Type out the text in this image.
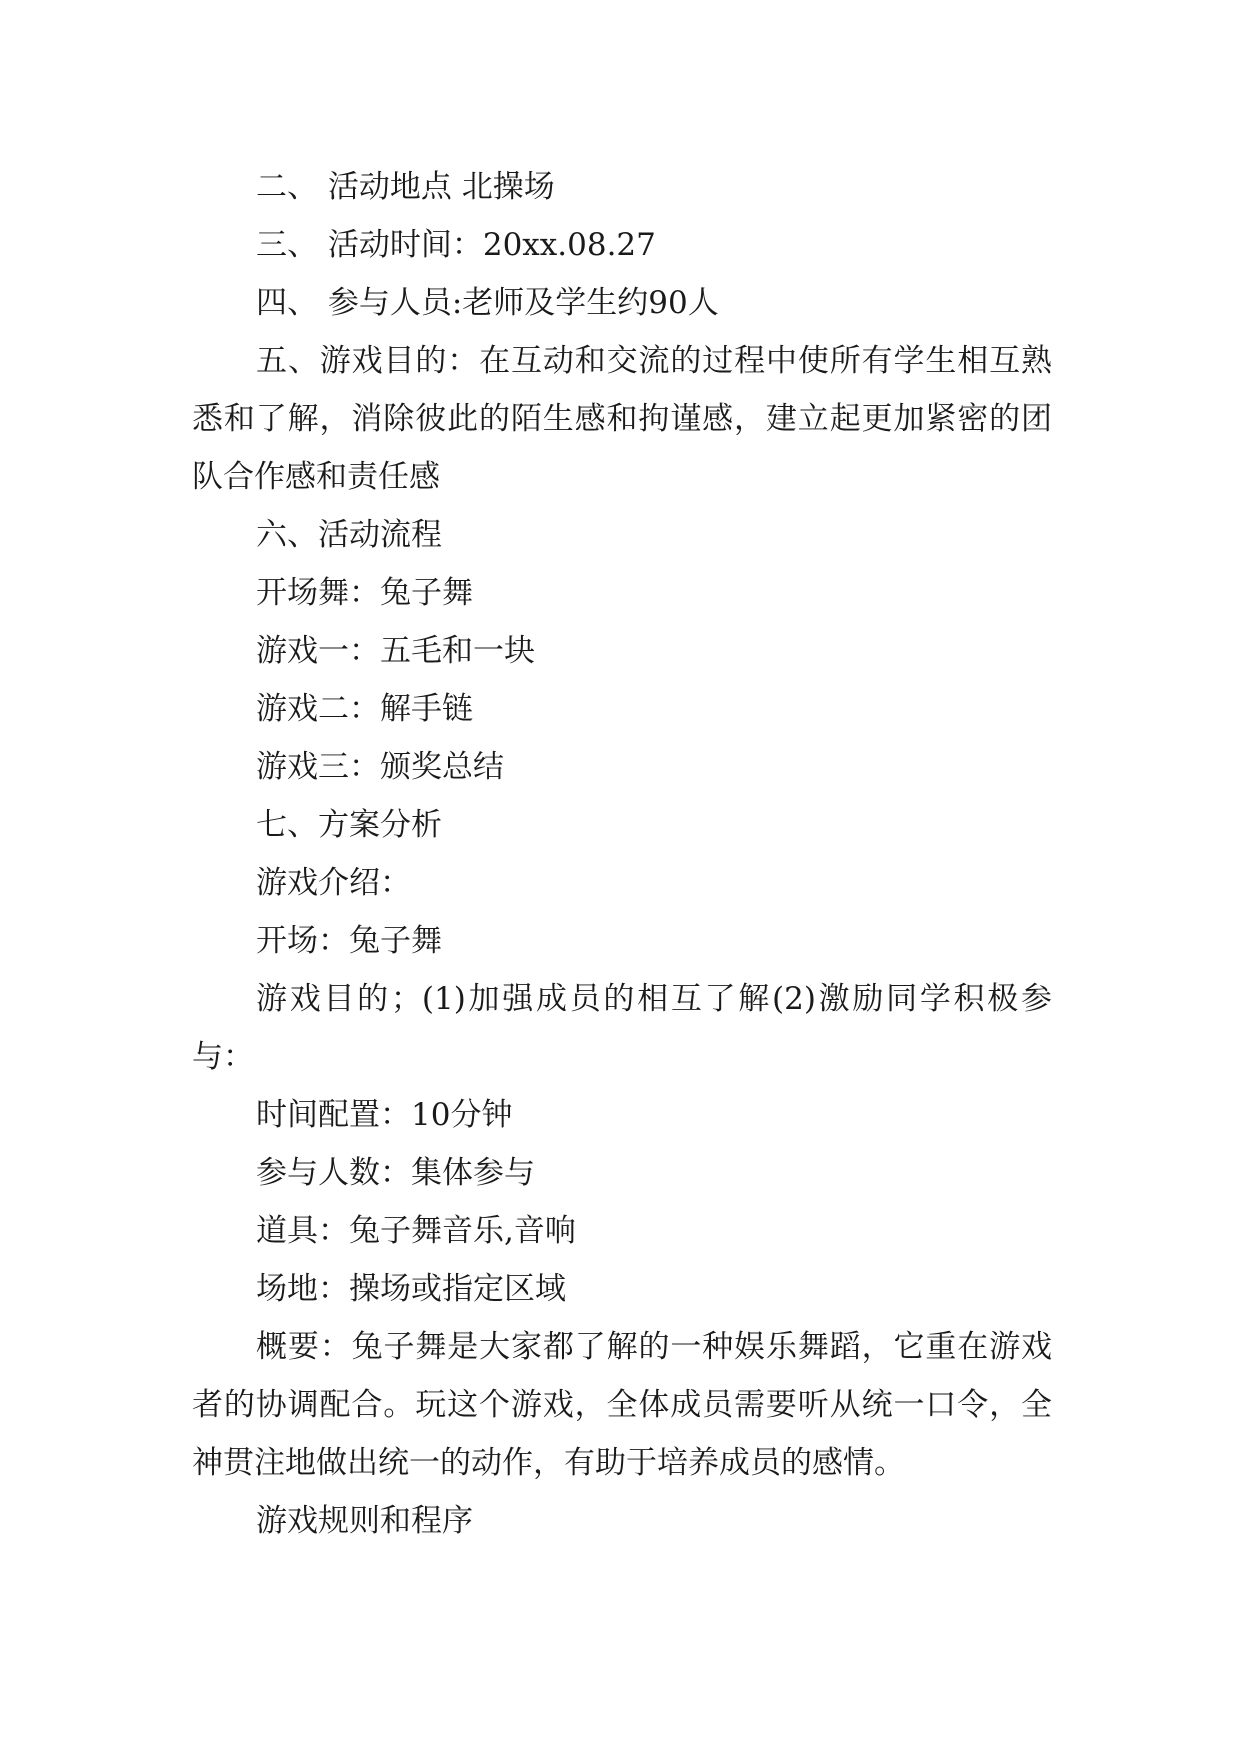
二、 活动地点 北操场

三、 活动时间：20xx.08.27

四、 参与人员:老师及学生约90人

五、游戏目的：在互动和交流的过程中使所有学生相互熟悉和了解，消除彼此的陌生感和拘谨感，建立起更加紧密的团队合作感和责任感

六、活动流程

开场舞：兔子舞

游戏一：五毛和一块

游戏二：解手链

游戏三：颁奖总结

七、方案分析

游戏介绍：

开场：兔子舞

游戏目的；(1)加强成员的相互了解(2)激励同学积极参与：

时间配置：10分钟

参与人数：集体参与

道具：兔子舞音乐,音响

场地：操场或指定区域

概要：兔子舞是大家都了解的一种娱乐舞蹈，它重在游戏者的协调配合。玩这个游戏，全体成员需要听从统一口令，全神贯注地做出统一的动作，有助于培养成员的感情。

游戏规则和程序
